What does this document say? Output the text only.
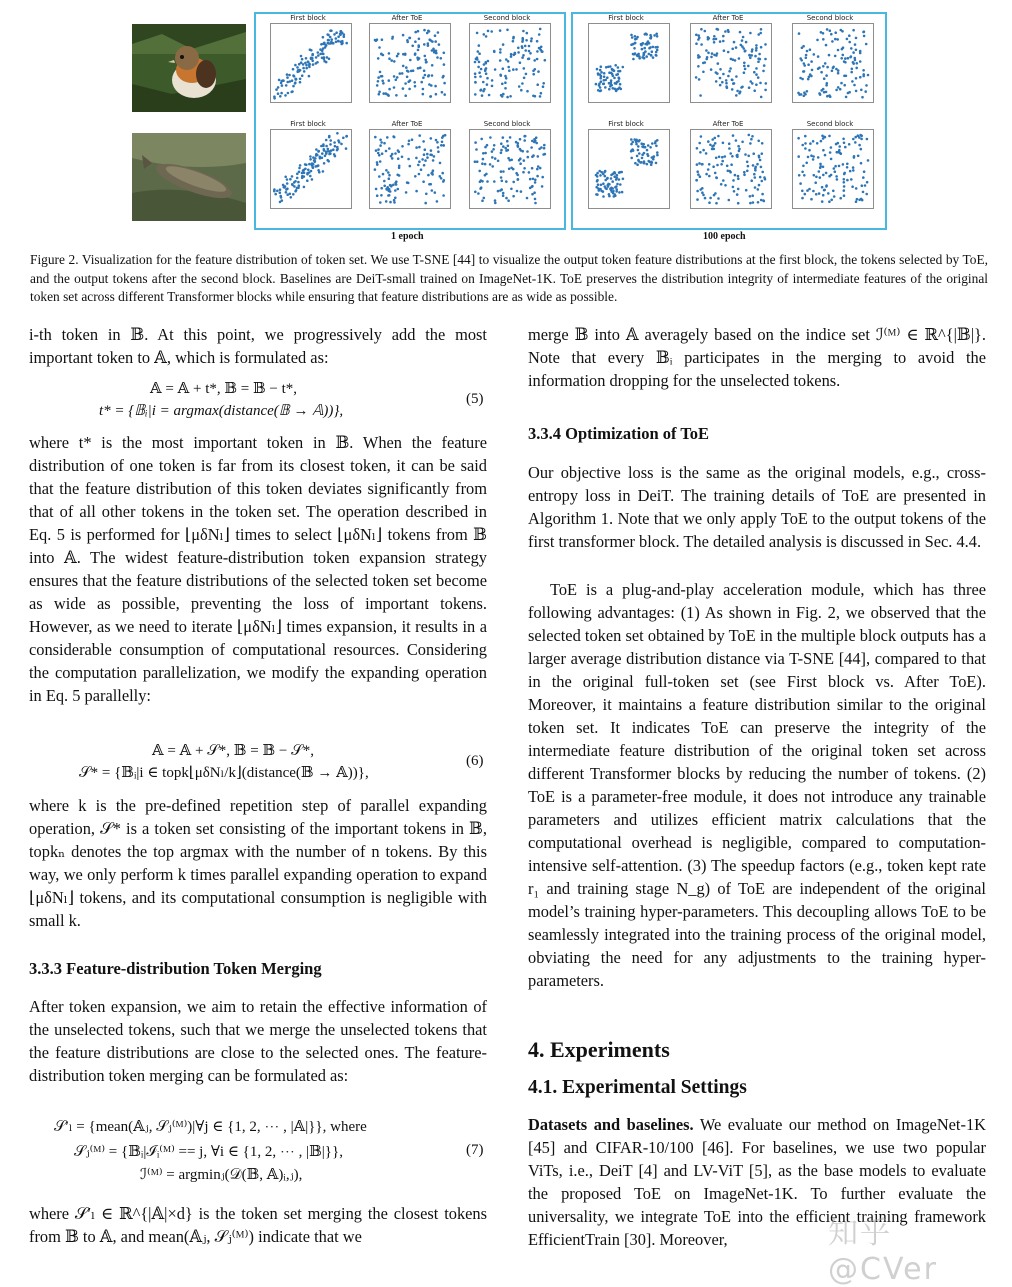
First block	After ToE	Second block
First block	After ToE	Second block
First block	After ToE	Second block
First block	After ToE	Second block
1 epoch	100 epoch
Figure 2. Visualization for the feature distribution of token set. We use T-SNE [44] to visualize the output token feature distributions at the first block, the tokens selected by ToE, and the output tokens after the second block. Baselines are DeiT-small trained on ImageNet-1K. ToE preserves the distribution integrity of intermediate features of the original token set across different Transformer blocks while ensuring that feature distributions are as wide as possible.
i-th token in 𝔹. At this point, we progressively add the most important token to 𝔸, which is formulated as:
𝔸 = 𝔸 + t*, 𝔹 = 𝔹 − t*,
t* = {𝔹ᵢ|i = argmax(distance(𝔹 → 𝔸))},
(5)
where t* is the most important token in 𝔹. When the feature distribution of one token is far from its closest token, it can be said that the feature distribution of this token deviates significantly from that of all other tokens in the token set. The operation described in Eq. 5 is performed for ⌊μδNₗ⌋ times to select ⌊μδNₗ⌋ tokens from 𝔹 into 𝔸. The widest feature-distribution token expansion strategy ensures that the feature distributions of the selected token set become as wide as possible, preventing the loss of important tokens. However, as we need to iterate ⌊μδNₗ⌋ times expansion, it results in a considerable consumption of computational resources. Considering the computation parallelization, we modify the expanding operation in Eq. 5 parallelly:
𝔸 = 𝔸 + 𝒮*, 𝔹 = 𝔹 − 𝒮*,
𝒮* = {𝔹ᵢ|i ∈ topk⌊μδNₗ/k⌋(distance(𝔹 → 𝔸))},
(6)
where k is the pre-defined repetition step of parallel expanding operation, 𝒮* is a token set consisting of the important tokens in 𝔹, topkₙ denotes the top argmax with the number of n tokens. By this way, we only perform k times parallel expanding operation to expand ⌊μδNₗ⌋ tokens, and its computational consumption is negligible with small k.
3.3.3 Feature-distribution Token Merging
After token expansion, we aim to retain the effective information of the unselected tokens, such that we merge the unselected tokens that the feature distributions are close to the selected ones. The feature-distribution token merging can be formulated as:
𝒮′ₗ = {mean(𝔸ⱼ, 𝒮ⱼ⁽ᴹ⁾)|∀j ∈ {1, 2, ⋯ , |𝔸|}}, where
𝒮ⱼ⁽ᴹ⁾ = {𝔹ᵢ|ℐᵢ⁽ᴹ⁾ == j, ∀i ∈ {1, 2, ⋯ , |𝔹|}},
ℐ⁽ᴹ⁾ = argminⱼ(𝒟(𝔹, 𝔸)ᵢ,ⱼ),
(7)
where 𝒮′ₗ ∈ ℝ^{|𝔸|×d} is the token set merging the closest tokens from 𝔹 to 𝔸, and mean(𝔸ⱼ, 𝒮ⱼ⁽ᴹ⁾) indicate that we
merge 𝔹 into 𝔸 averagely based on the indice set ℐ⁽ᴹ⁾ ∈ ℝ^{|𝔹|}. Note that every 𝔹ᵢ participates in the merging to avoid the information dropping for the unselected tokens.
3.3.4 Optimization of ToE
Our objective loss is the same as the original models, e.g., cross-entropy loss in DeiT. The training details of ToE are presented in Algorithm 1. Note that we only apply ToE to the output tokens of the first transformer block. The detailed analysis is discussed in Sec. 4.4.
ToE is a plug-and-play acceleration module, which has three following advantages: (1) As shown in Fig. 2, we observed that the selected token set obtained by ToE in the multiple block outputs has a larger average distribution distance via T-SNE [44], compared to that in the original full-token set (see First block vs. After ToE). Moreover, it maintains a feature distribution similar to the original token set. It indicates ToE can preserve the integrity of the intermediate feature distribution of the original token set across different Transformer blocks by reducing the number of tokens. (2) ToE is a parameter-free module, it does not introduce any trainable parameters and utilizes efficient matrix calculations that the computational overhead is negligible, compared to computation-intensive self-attention. (3) The speedup factors (e.g., token kept rate r₁ and training stage N_g) of ToE are independent of the original model’s training hyper-parameters. This decoupling allows ToE to be seamlessly integrated into the training process of the original model, obviating the need for any adjustments to the training hyper-parameters.
4. Experiments
4.1. Experimental Settings
Datasets and baselines. We evaluate our method on ImageNet-1K [45] and CIFAR-10/100 [46]. For baselines, we use two popular ViTs, i.e., DeiT [4] and LV-ViT [5], as the base models to evaluate the proposed ToE on ImageNet-1K. To further evaluate the universality, we integrate ToE into the efficient training framework EfficientTrain [30]. Moreover,	知乎 @CVer
